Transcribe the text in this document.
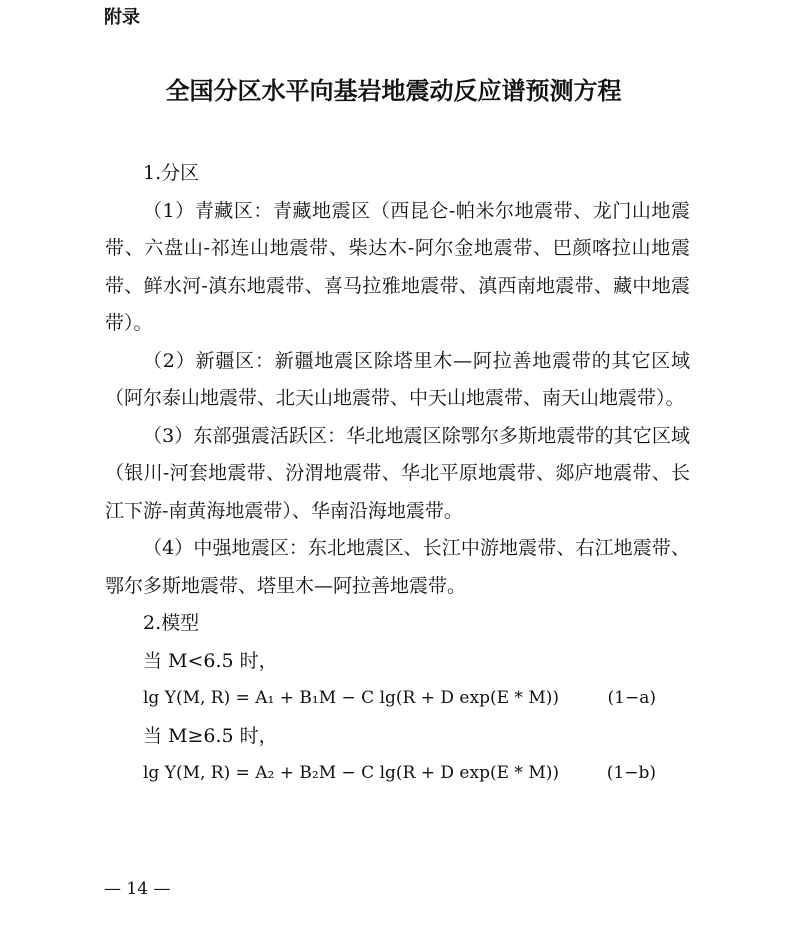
附录
全国分区水平向基岩地震动反应谱预测方程

1.分区

（1）青藏区：青藏地震区（西昆仑-帕米尔地震带、龙门山地震带、六盘山-祁连山地震带、柴达木-阿尔金地震带、巴颜喀拉山地震带、鲜水河-滇东地震带、喜马拉雅地震带、滇西南地震带、藏中地震带）。

（2）新疆区：新疆地震区除塔里木—阿拉善地震带的其它区域（阿尔泰山地震带、北天山地震带、中天山地震带、南天山地震带）。

（3）东部强震活跃区：华北地震区除鄂尔多斯地震带的其它区域（银川-河套地震带、汾渭地震带、华北平原地震带、郯庐地震带、长江下游-南黄海地震带）、华南沿海地震带。

（4）中强地震区：东北地震区、长江中游地震带、右江地震带、鄂尔多斯地震带、塔里木—阿拉善地震带。

2.模型

当 M<6.5 时，

lg Y(M, R) = A₁ + B₁M − C lg(R + D exp(E * M))	(1−a)

当 M≥6.5 时，

lg Y(M, R) = A₂ + B₂M − C lg(R + D exp(E * M))	(1−b)
— 14 —
